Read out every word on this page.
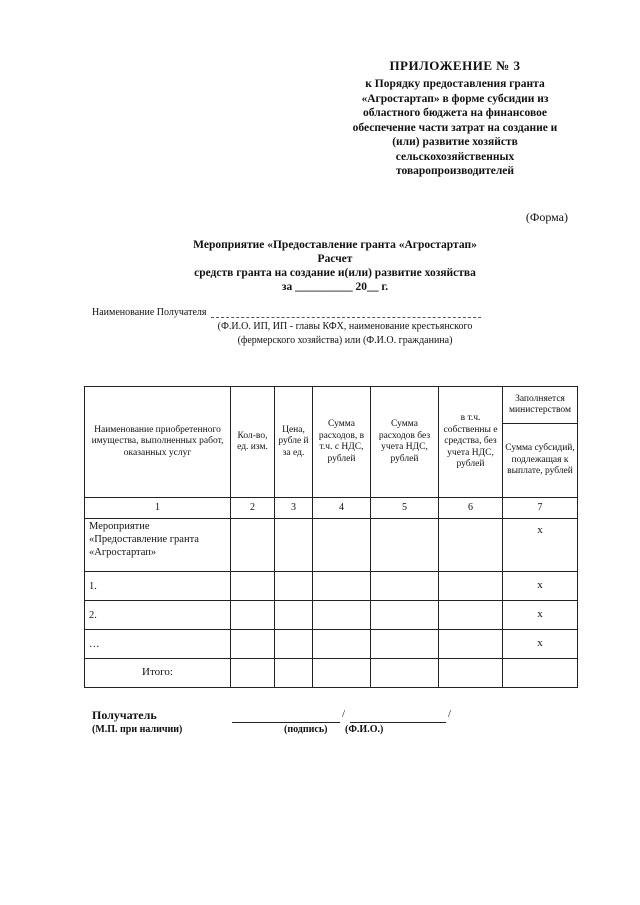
ПРИЛОЖЕНИЕ № 3
к Порядку предоставления гранта
«Агростартап» в форме субсидии из
областного бюджета на финансовое
обеспечение части затрат на создание и
(или) развитие хозяйств
сельскохозяйственных
товаропроизводителей
(Форма)
Мероприятие «Предоставление гранта «Агростартап»
Расчет
средств гранта на создание и(или) развитие хозяйства
за __________ 20__ г.
Наименование Получателя
(Ф.И.О. ИП, ИП - главы КФХ, наименование крестьянского
(фермерского хозяйства) или (Ф.И.О. гражданина)
Наименование приобретенного имущества, выполненных работ, оказанных услуг	Кол-во, ед. изм.	Цена, рубле й за ед.	Сумма расходов, в т.ч. с НДС, рублей	Сумма расходов без учета НДС, рублей	в т.ч. собственны е средства, без учета НДС, рублей	Заполняется министерством
						Сумма субсидий, подлежащая к выплате, рублей
1	2	3	4	5	6	7
Мероприятие «Предоставление гранта «Агростартап»						x
1.						x
2.						x
…						x
Итого:						
Получатель	/	/
(М.П. при наличии)	(подпись) (Ф.И.О.)
